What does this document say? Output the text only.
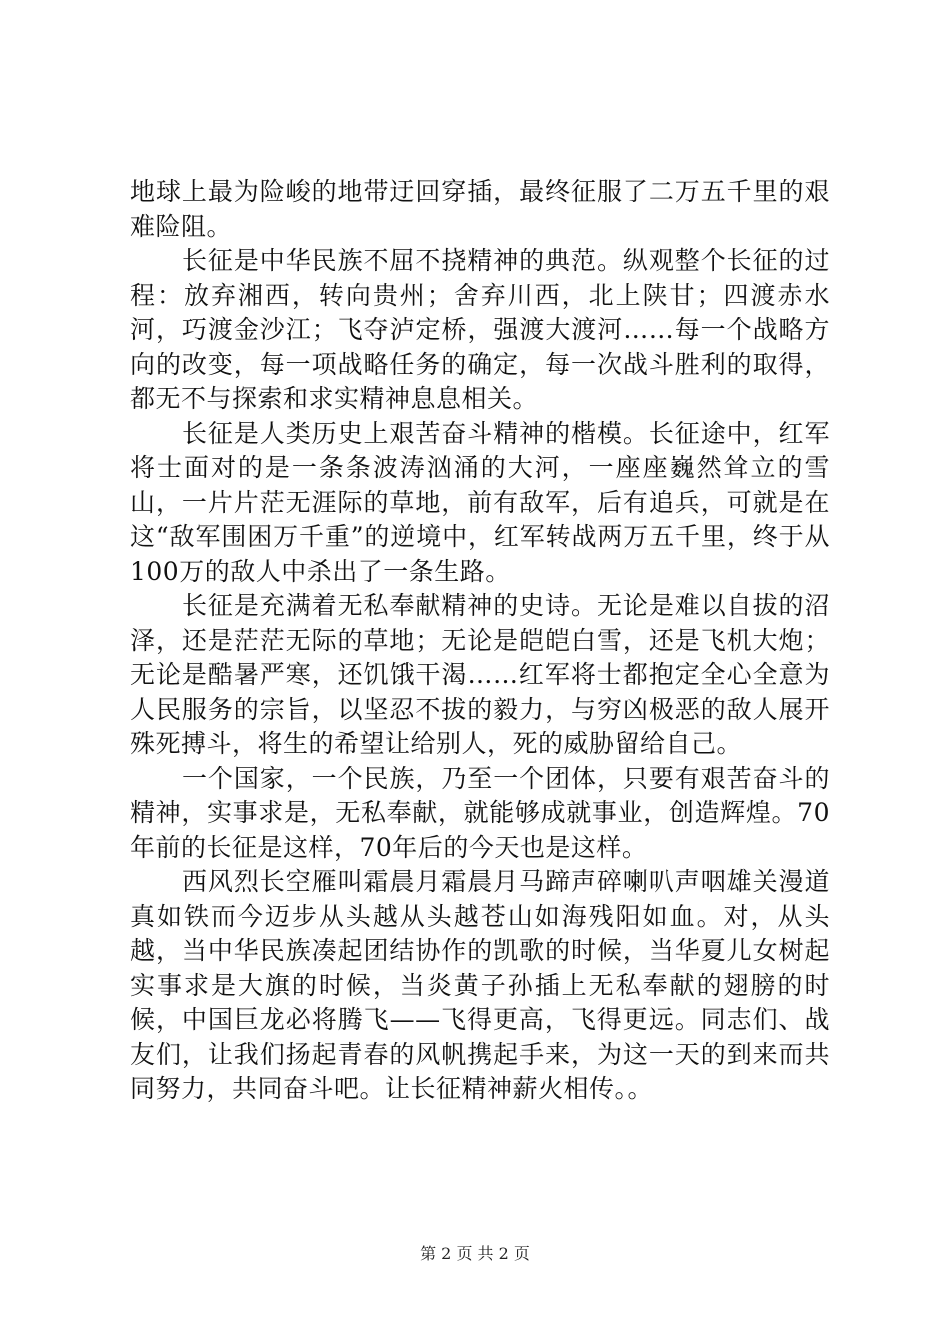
地球上最为险峻的地带迂回穿插，最终征服了二万五千里的艰难险阻。

长征是中华民族不屈不挠精神的典范。纵观整个长征的过程：放弃湘西，转向贵州；舍弃川西，北上陕甘；四渡赤水河，巧渡金沙江；飞夺泸定桥，强渡大渡河……每一个战略方向的改变，每一项战略任务的确定，每一次战斗胜利的取得，都无不与探索和求实精神息息相关。

长征是人类历史上艰苦奋斗精神的楷模。长征途中，红军将士面对的是一条条波涛汹涌的大河，一座座巍然耸立的雪山，一片片茫无涯际的草地，前有敌军，后有追兵，可就是在这“敌军围困万千重”的逆境中，红军转战两万五千里，终于从100万的敌人中杀出了一条生路。

长征是充满着无私奉献精神的史诗。无论是难以自拔的沼泽，还是茫茫无际的草地；无论是皑皑白雪，还是飞机大炮；无论是酷暑严寒，还饥饿干渴……红军将士都抱定全心全意为人民服务的宗旨，以坚忍不拔的毅力，与穷凶极恶的敌人展开殊死搏斗，将生的希望让给别人，死的威胁留给自己。

一个国家，一个民族，乃至一个团体，只要有艰苦奋斗的精神，实事求是，无私奉献，就能够成就事业，创造辉煌。70年前的长征是这样，70年后的今天也是这样。

西风烈长空雁叫霜晨月霜晨月马蹄声碎喇叭声咽雄关漫道真如铁而今迈步从头越从头越苍山如海残阳如血。对，从头越，当中华民族凑起团结协作的凯歌的时候，当华夏儿女树起实事求是大旗的时候，当炎黄子孙插上无私奉献的翅膀的时候，中国巨龙必将腾飞——飞得更高，飞得更远。同志们、战友们，让我们扬起青春的风帆携起手来，为这一天的到来而共同努力，共同奋斗吧。让长征精神薪火相传。。

第 2 页 共 2 页
